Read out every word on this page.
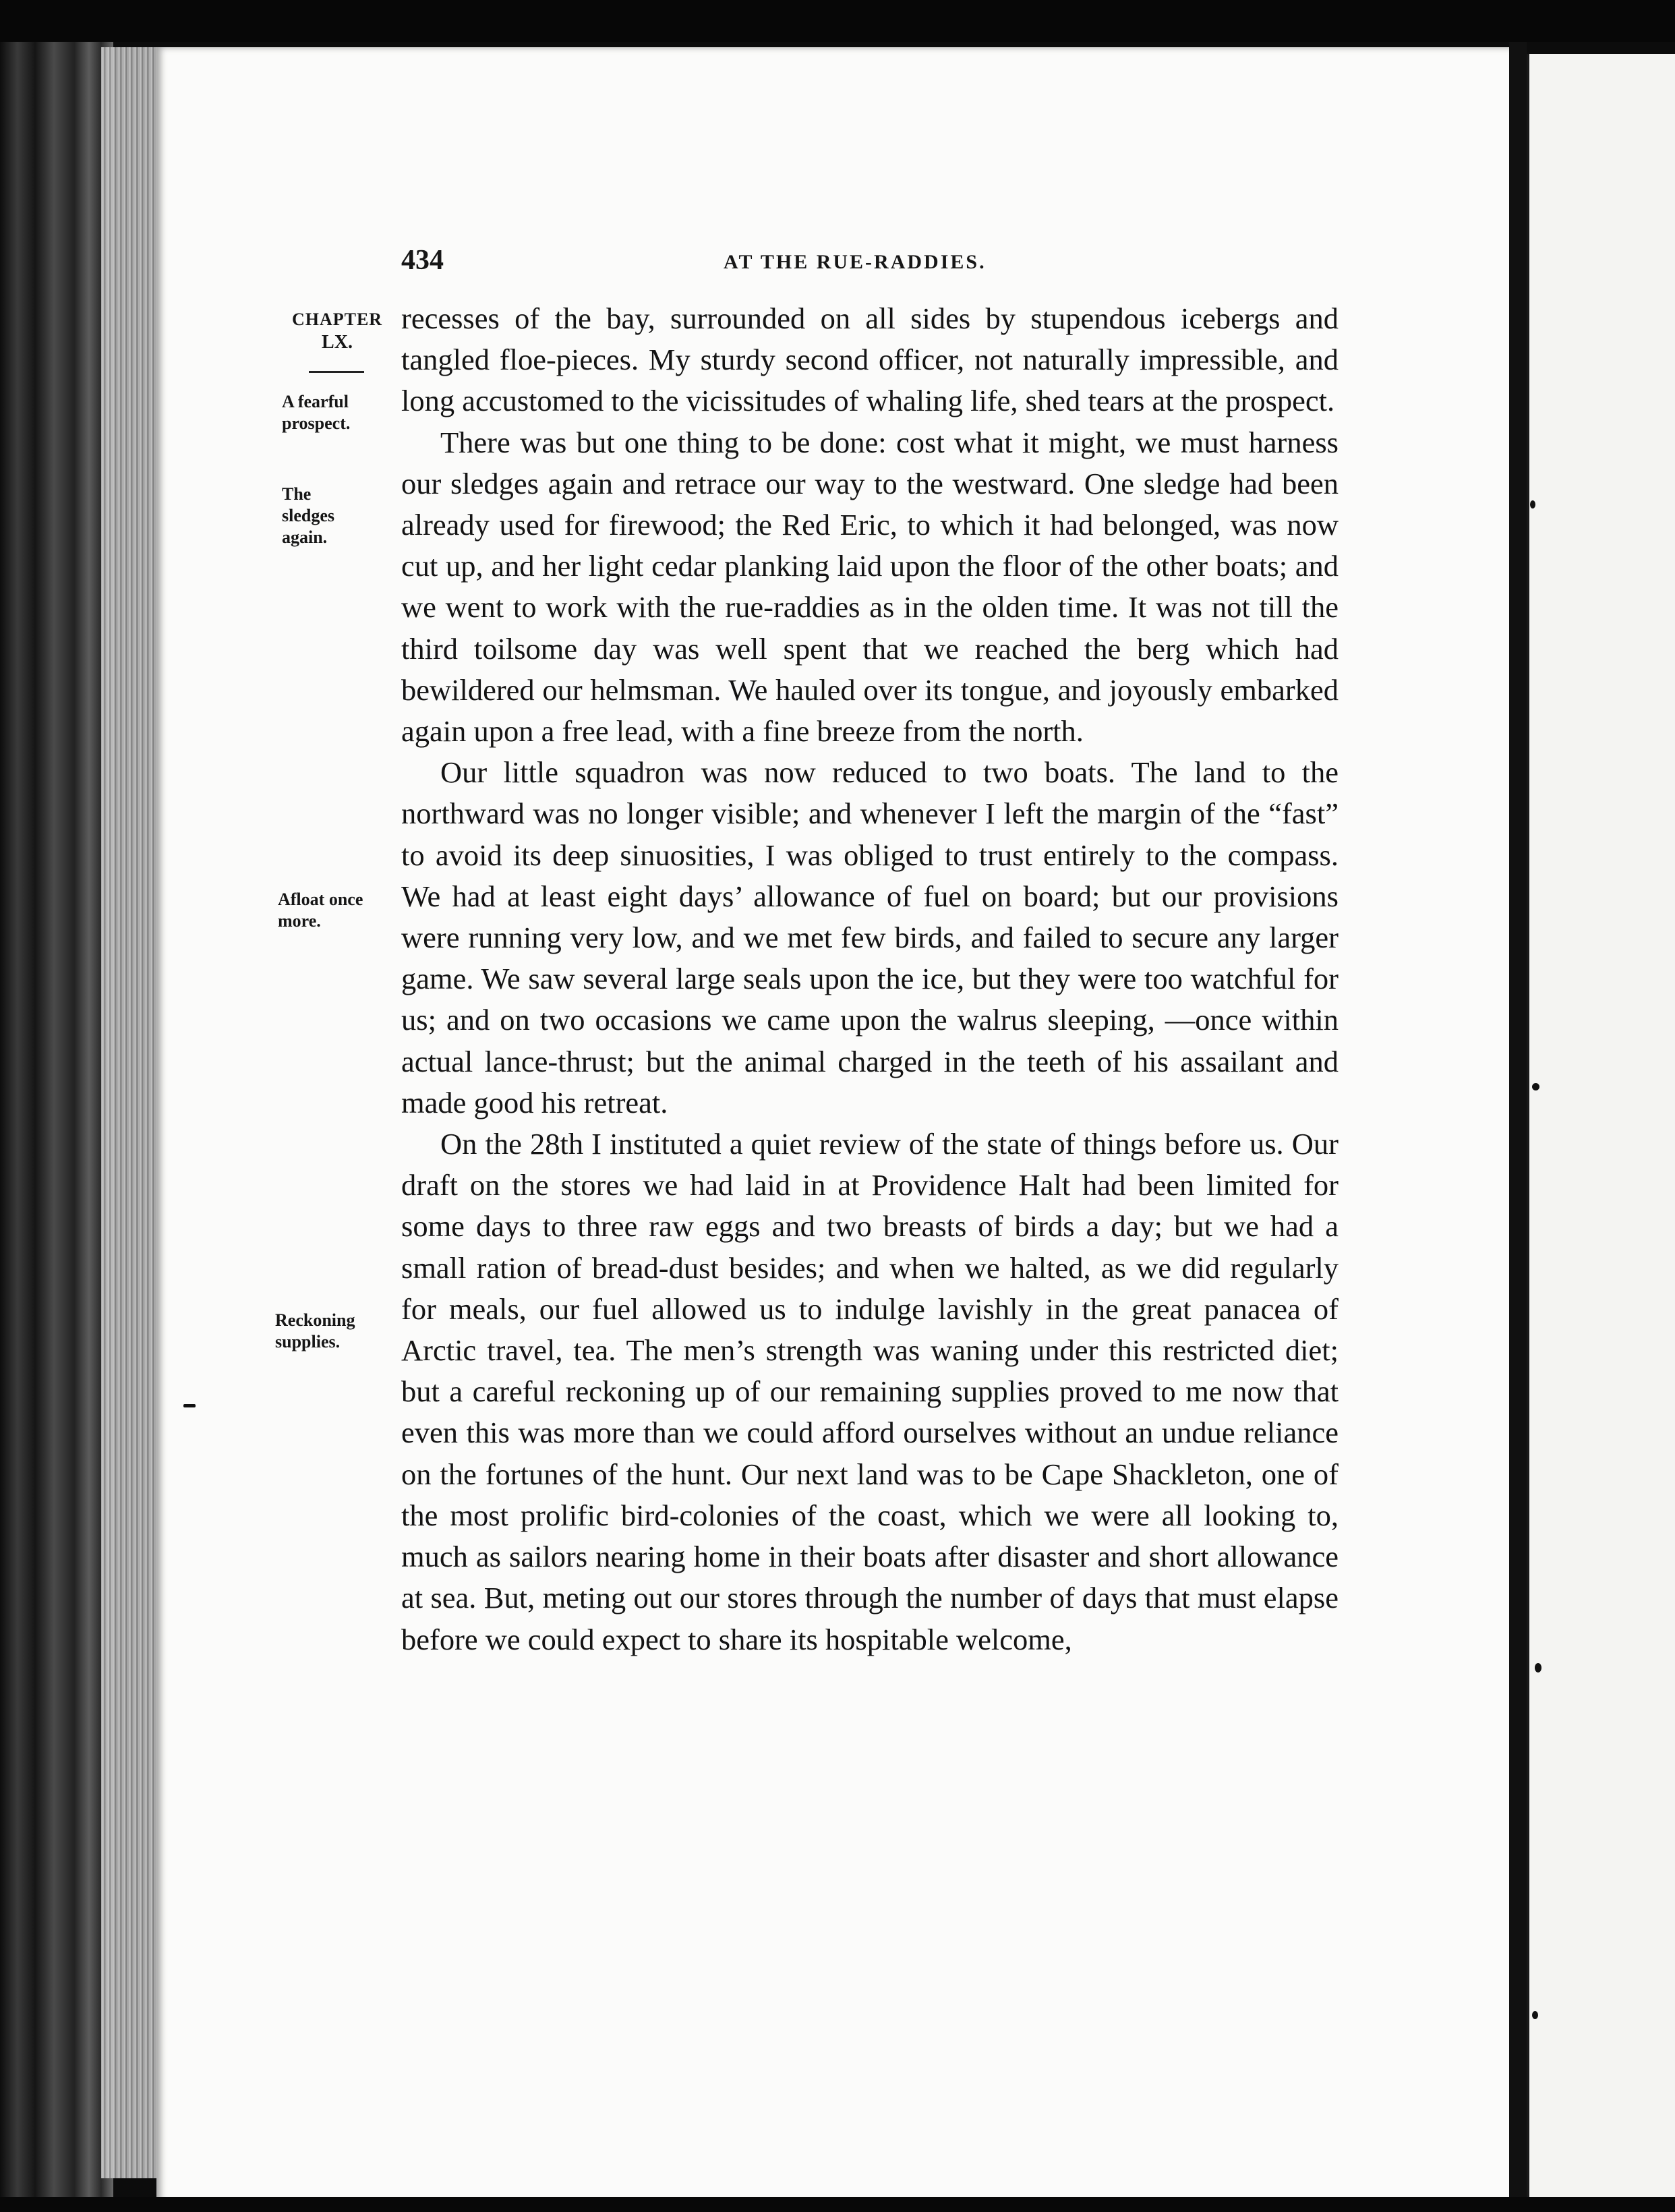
434	AT THE RUE-RADDIES.
CHAPTER
LX.
A fearful prospect.
The sledges again.
Afloat once more.
Reckoning supplies.

recesses of the bay, surrounded on all sides by stupendous icebergs and tangled floe-pieces. My sturdy second officer, not naturally impressible, and long accustomed to the vicissitudes of whaling life, shed tears at the prospect.

There was but one thing to be done: cost what it might, we must harness our sledges again and retrace our way to the westward. One sledge had been already used for firewood; the Red Eric, to which it had belonged, was now cut up, and her light cedar planking laid upon the floor of the other boats; and we went to work with the rue-raddies as in the olden time. It was not till the third toilsome day was well spent that we reached the berg which had bewildered our helmsman. We hauled over its tongue, and joyously embarked again upon a free lead, with a fine breeze from the north.

Our little squadron was now reduced to two boats. The land to the northward was no longer visible; and whenever I left the margin of the “fast” to avoid its deep sinuosities, I was obliged to trust entirely to the compass. We had at least eight days’ allowance of fuel on board; but our provisions were running very low, and we met few birds, and failed to secure any larger game. We saw several large seals upon the ice, but they were too watchful for us; and on two occasions we came upon the walrus sleeping, —once within actual lance-thrust; but the animal charged in the teeth of his assailant and made good his retreat.

On the 28th I instituted a quiet review of the state of things before us. Our draft on the stores we had laid in at Providence Halt had been limited for some days to three raw eggs and two breasts of birds a day; but we had a small ration of bread-dust besides; and when we halted, as we did regularly for meals, our fuel allowed us to indulge lavishly in the great panacea of Arctic travel, tea. The men’s strength was waning under this restricted diet; but a careful reckoning up of our remaining supplies proved to me now that even this was more than we could afford ourselves without an undue reliance on the fortunes of the hunt. Our next land was to be Cape Shackleton, one of the most prolific bird-colonies of the coast, which we were all looking to, much as sailors nearing home in their boats after disaster and short allowance at sea. But, meting out our stores through the number of days that must elapse before we could expect to share its hospitable welcome,
